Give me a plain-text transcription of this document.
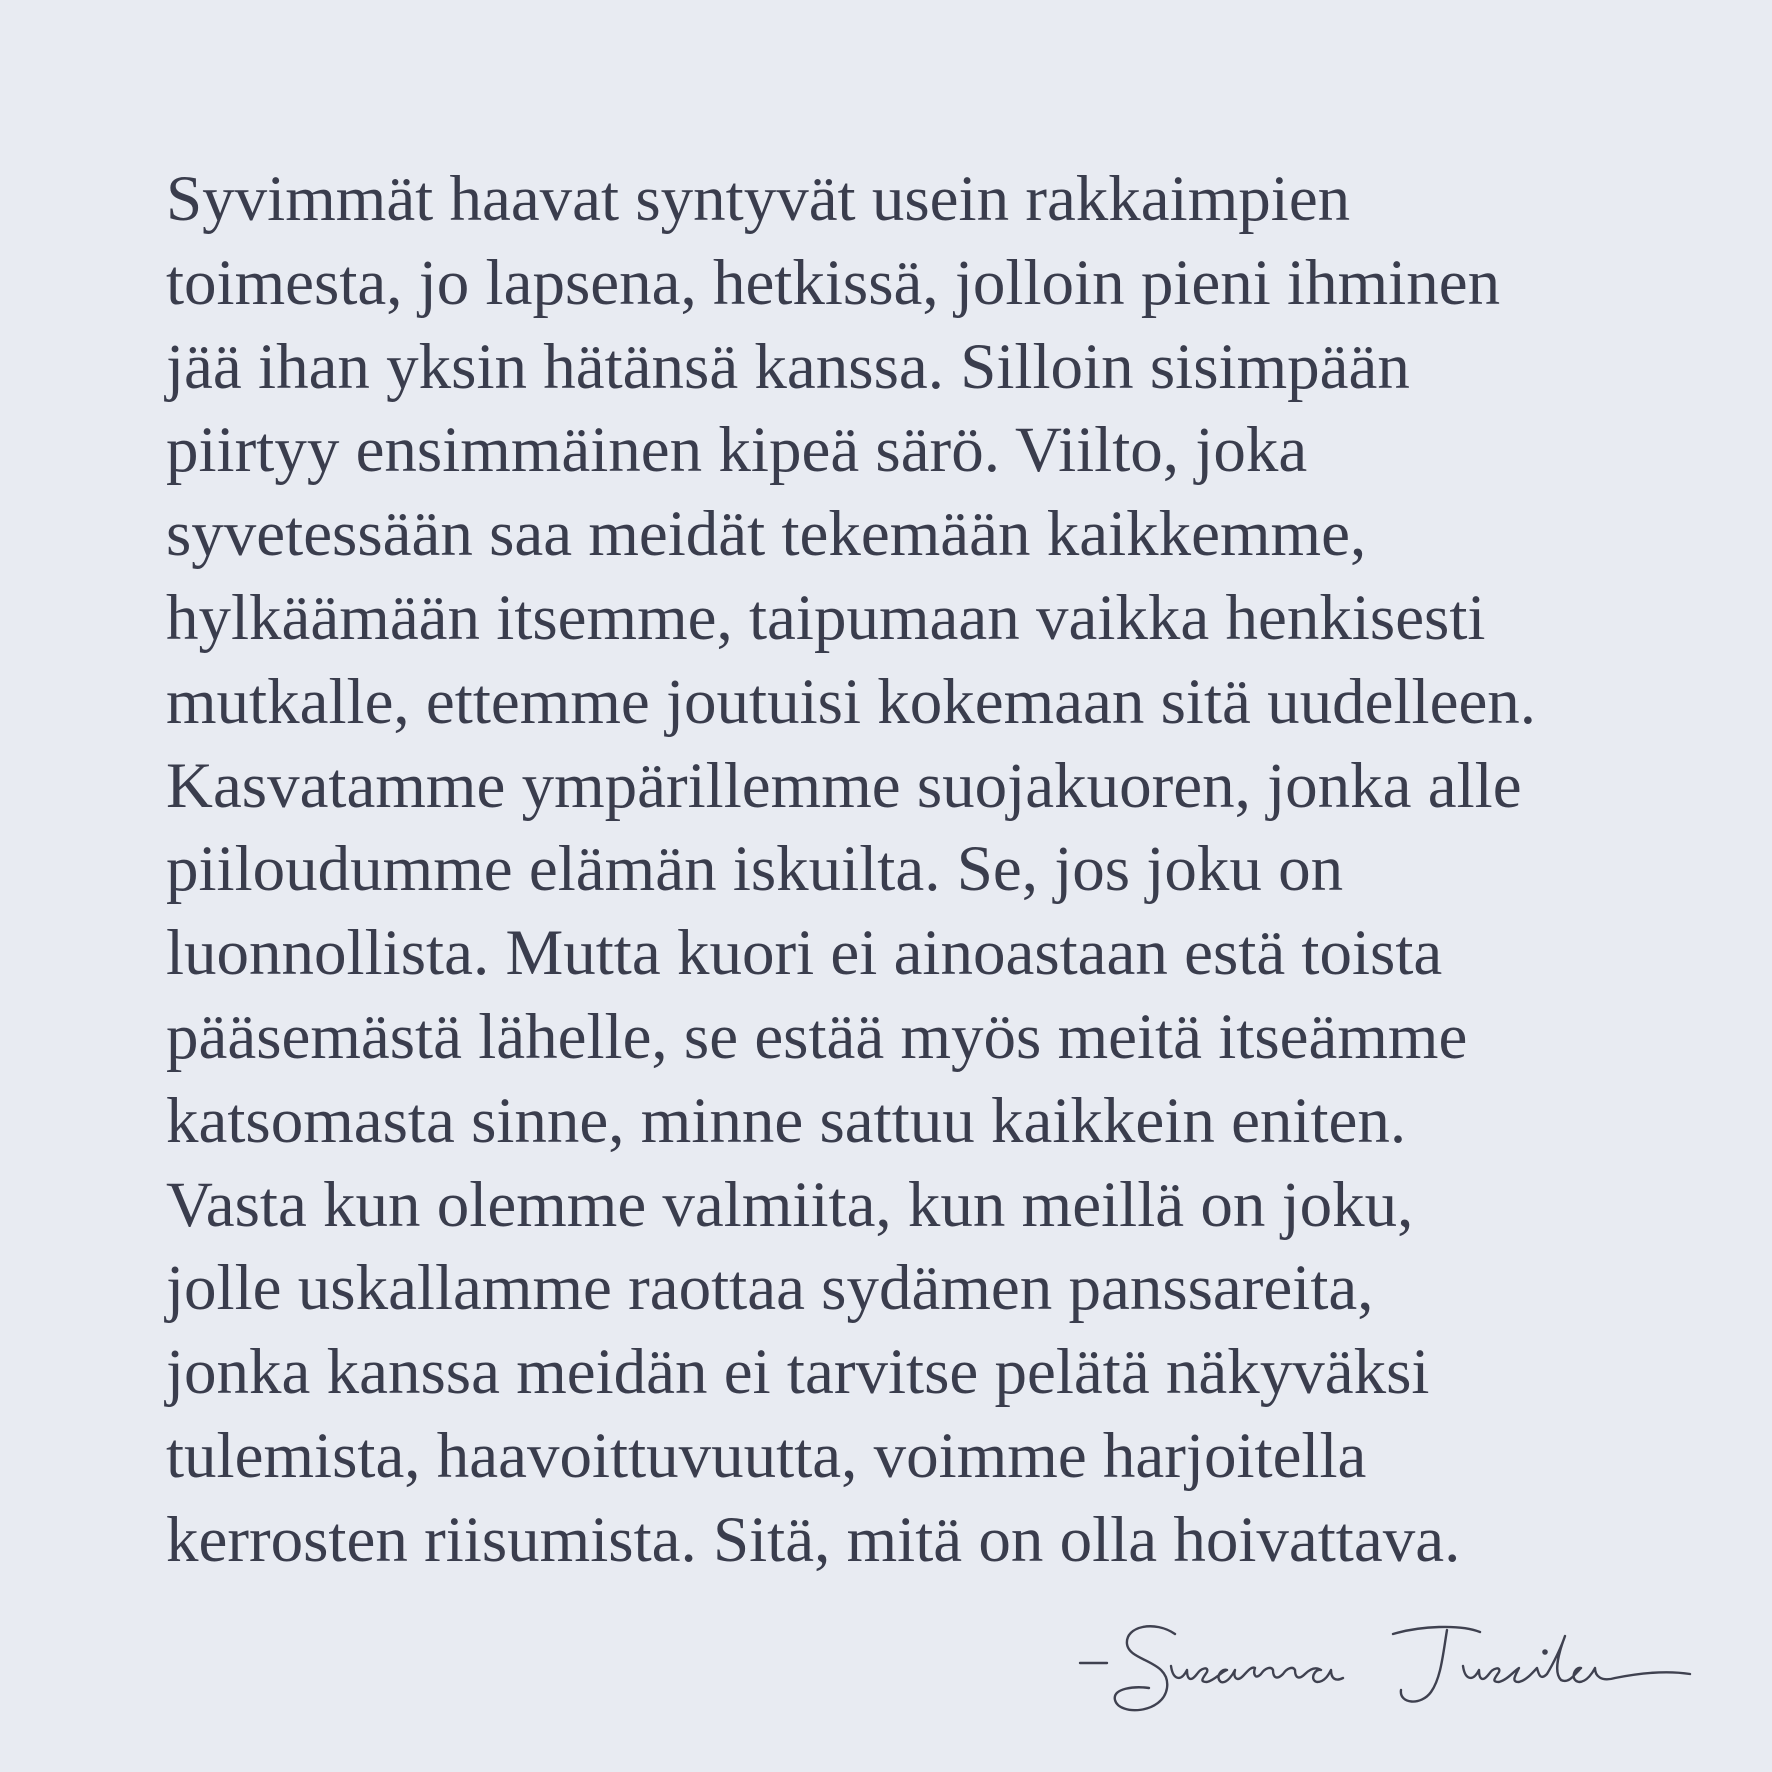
Syvimmät haavat syntyvät usein rakkaimpien
toimesta, jo lapsena, hetkissä, jolloin pieni ihminen
jää ihan yksin hätänsä kanssa. Silloin sisimpään
piirtyy ensimmäinen kipeä särö. Viilto, joka
syvetessään saa meidät tekemään kaikkemme,
hylkäämään itsemme, taipumaan vaikka henkisesti
mutkalle, ettemme joutuisi kokemaan sitä uudelleen.
Kasvatamme ympärillemme suojakuoren, jonka alle
piiloudumme elämän iskuilta. Se, jos joku on
luonnollista. Mutta kuori ei ainoastaan estä toista
pääsemästä lähelle, se estää myös meitä itseämme
katsomasta sinne, minne sattuu kaikkein eniten.
Vasta kun olemme valmiita, kun meillä on joku,
jolle uskallamme raottaa sydämen panssareita,
jonka kanssa meidän ei tarvitse pelätä näkyväksi
tulemista, haavoittuvuutta, voimme harjoitella
kerrosten riisumista. Sitä, mitä on olla hoivattava.
